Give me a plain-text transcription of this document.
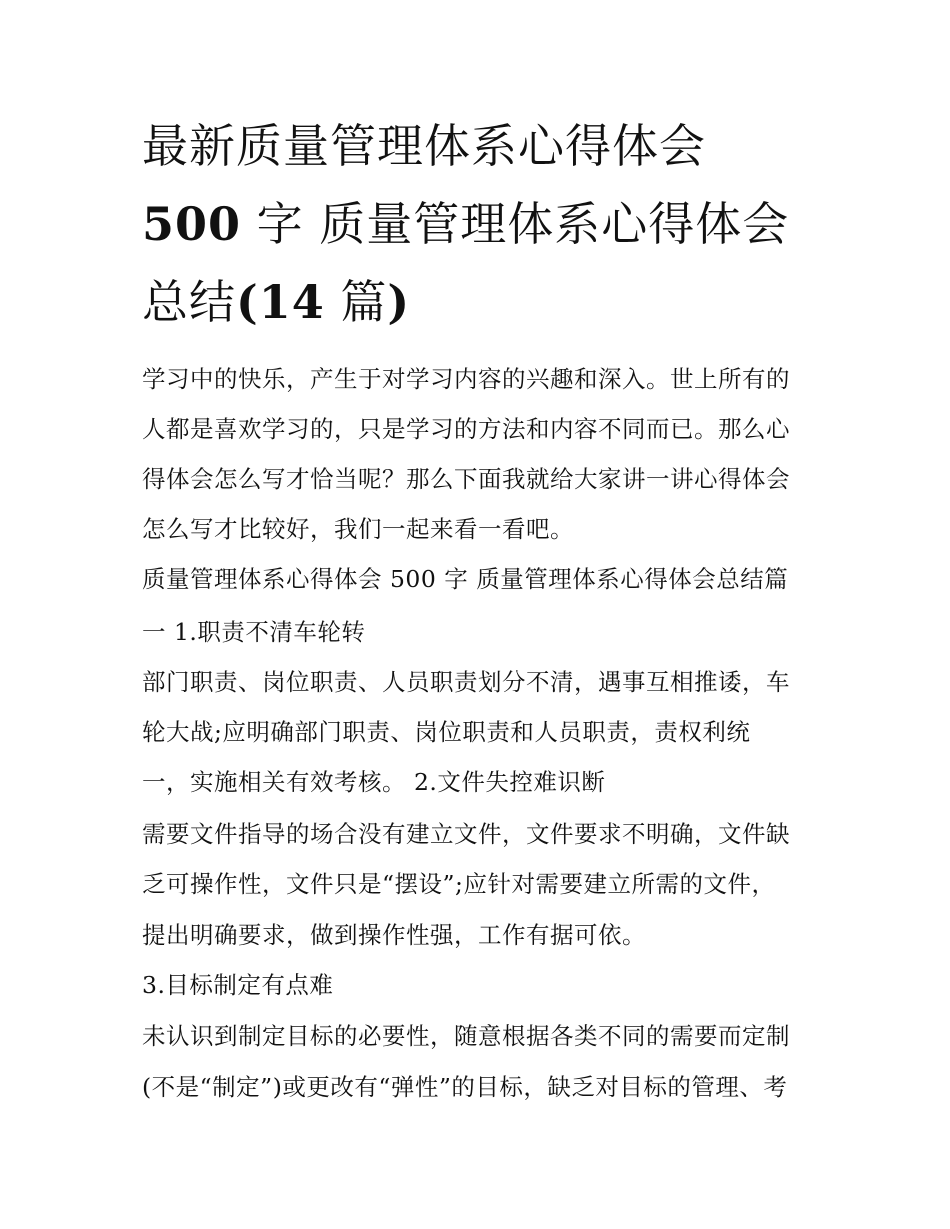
最新质量管理体系心得体会
500 字 质量管理体系心得体会
总结(14 篇)
学习中的快乐，产生于对学习内容的兴趣和深入。世上所有的
人都是喜欢学习的，只是学习的方法和内容不同而已。那么心
得体会怎么写才恰当呢？那么下面我就给大家讲一讲心得体会
怎么写才比较好，我们一起来看一看吧。
质量管理体系心得体会 500 字 质量管理体系心得体会总结篇
一 1.职责不清车轮转
部门职责、岗位职责、人员职责划分不清，遇事互相推诿，车
轮大战;应明确部门职责、岗位职责和人员职责，责权利统
一，实施相关有效考核。 2.文件失控难识断
需要文件指导的场合没有建立文件，文件要求不明确，文件缺
乏可操作性，文件只是“摆设”;应针对需要建立所需的文件，
提出明确要求，做到操作性强，工作有据可依。
3.目标制定有点难
未认识到制定目标的必要性，随意根据各类不同的需要而定制
(不是“制定”)或更改有“弹性”的目标，缺乏对目标的管理、考
